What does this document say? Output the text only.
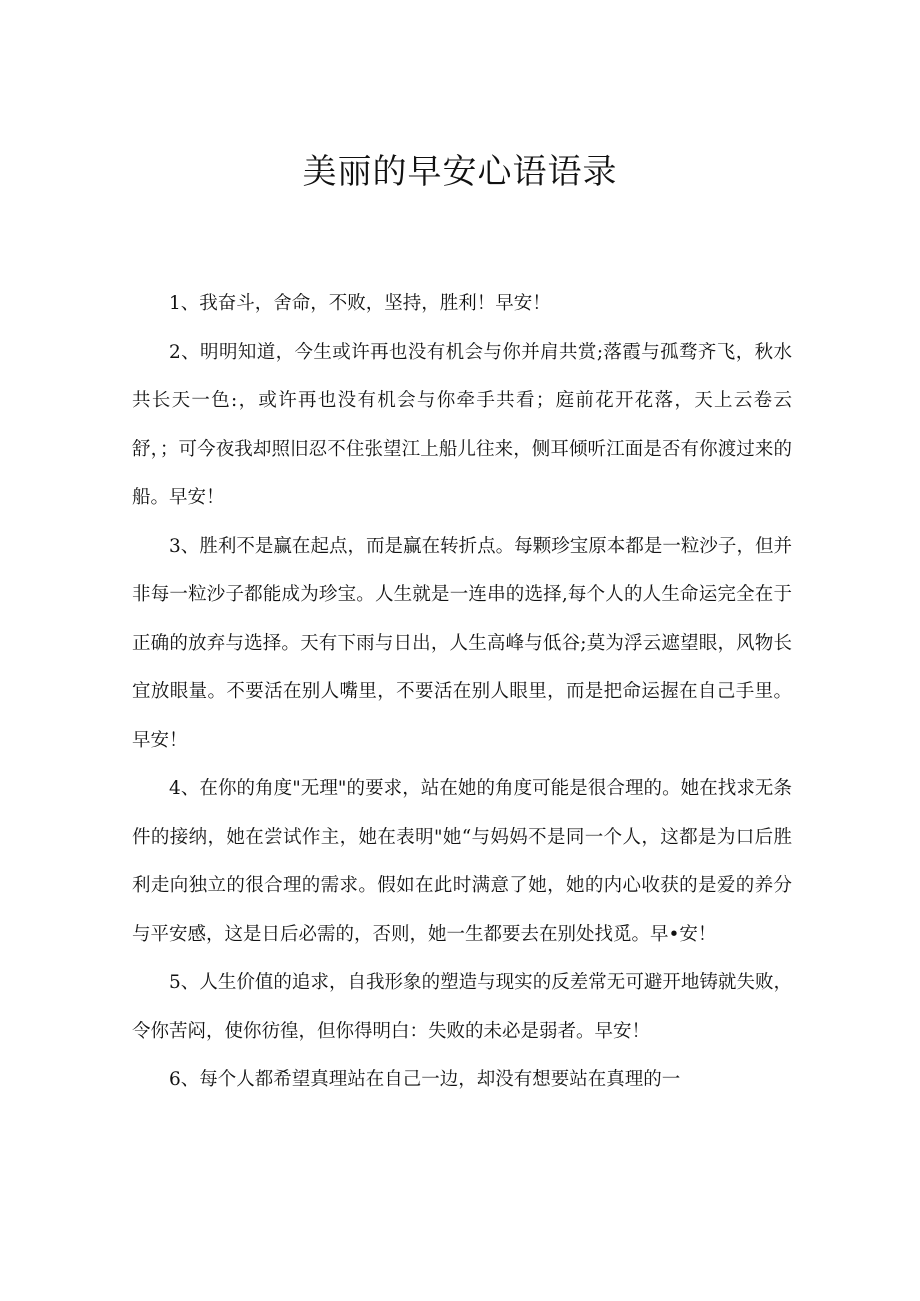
美丽的早安心语语录

1、我奋斗，舍命，不败，坚持，胜利！早安！

2、明明知道，今生或许再也没有机会与你并肩共赏;落霞与孤骛齐飞，秋水共长天一色:，或许再也没有机会与你牵手共看；庭前花开花落，天上云卷云舒，；可今夜我却照旧忍不住张望江上船儿往来，侧耳倾听江面是否有你渡过来的船。早安！

3、胜利不是赢在起点，而是赢在转折点。每颗珍宝原本都是一粒沙子，但并非每一粒沙子都能成为珍宝。人生就是一连串的选择,每个人的人生命运完全在于正确的放弃与选择。天有下雨与日出，人生高峰与低谷;莫为浮云遮望眼，风物长宜放眼量。不要活在别人嘴里，不要活在别人眼里，而是把命运握在自己手里。早安！

4、在你的角度"无理"的要求，站在她的角度可能是很合理的。她在找求无条件的接纳，她在尝试作主，她在表明"她“与妈妈不是同一个人，这都是为口后胜利走向独立的很合理的需求。假如在此时满意了她，她的内心收获的是爱的养分与平安感，这是日后必需的，否则，她一生都要去在别处找觅。早•安！

5、人生价值的追求，自我形象的塑造与现实的反差常无可避开地铸就失败，令你苦闷，使你彷徨，但你得明白：失败的未必是弱者。早安！

6、每个人都希望真理站在自己一边，却没有想要站在真理的一
